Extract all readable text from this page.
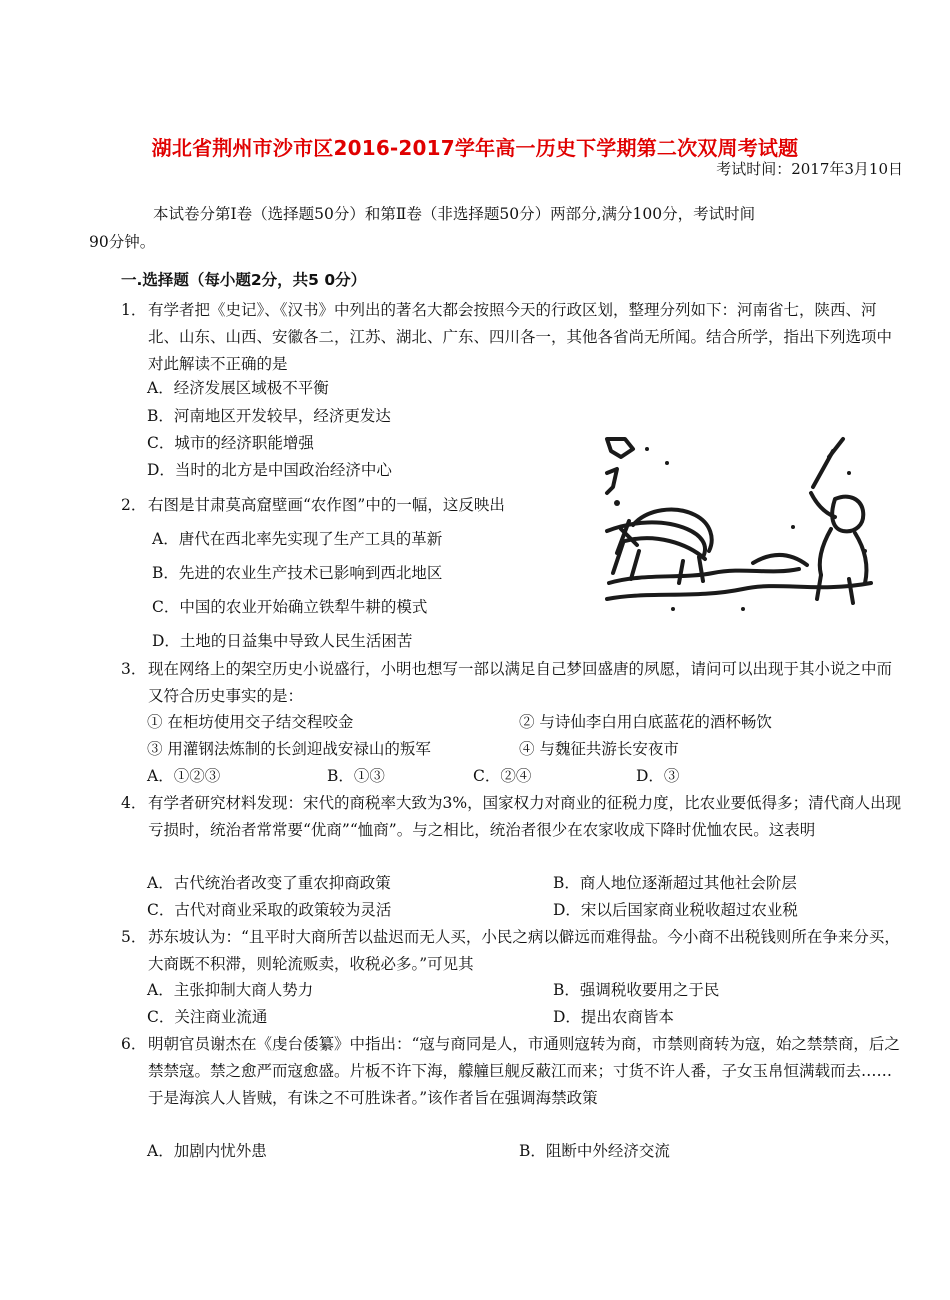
湖北省荆州市沙市区2016-2017学年高一历史下学期第二次双周考试题
考试时间：2017年3月10日
本试卷分第Ⅰ卷（选择题50分）和第Ⅱ卷（非选择题50分）两部分,满分100分，考试时间
90分钟。
一.选择题（每小题2分，共5 0分）
1． 有学者把《史记》、《汉书》中列出的著名大都会按照今天的行政区划，整理分列如下：河南省七，陕西、河北、山东、山西、安徽各二，江苏、湖北、广东、四川各一，其他各省尚无所闻。结合所学，指出下列选项中对此解读不正确的是
A．经济发展区域极不平衡
B．河南地区开发较早，经济更发达
C．城市的经济职能增强
D．当时的北方是中国政治经济中心
2． 右图是甘肃莫高窟壁画“农作图”中的一幅，这反映出
A．唐代在西北率先实现了生产工具的革新
B．先进的农业生产技术已影响到西北地区
C．中国的农业开始确立铁犁牛耕的模式
D．土地的日益集中导致人民生活困苦
3． 现在网络上的架空历史小说盛行，小明也想写一部以满足自己梦回盛唐的夙愿，请问可以出现于其小说之中而又符合历史事实的是：
① 在柜坊使用交子结交程咬金	② 与诗仙李白用白底蓝花的酒杯畅饮
③ 用灌钢法炼制的长剑迎战安禄山的叛军	④ 与魏征共游长安夜市
A．①②③	B．①③	C．②④	D．③
4． 有学者研究材料发现：宋代的商税率大致为3%，国家权力对商业的征税力度，比农业要低得多；清代商人出现亏损时，统治者常常要“优商”“恤商”。与之相比，统治者很少在农家收成下降时优恤农民。这表明
A．古代统治者改变了重农抑商政策	B．商人地位逐渐超过其他社会阶层
C．古代对商业采取的政策较为灵活	D．宋以后国家商业税收超过农业税
5． 苏东坡认为：“且平时大商所苦以盐迟而无人买，小民之病以僻远而难得盐。今小商不出税钱则所在争来分买，大商既不积滞，则轮流贩卖，收税必多。”可见其
A．主张抑制大商人势力	B．强调税收要用之于民
C．关注商业流通	D．提出农商皆本
6． 明朝官员谢杰在《虔台倭纂》中指出：“寇与商同是人，市通则寇转为商，市禁则商转为寇，始之禁禁商，后之禁禁寇。禁之愈严而寇愈盛。片板不许下海，艨艟巨舰反蔽江而来；寸货不许人番，子女玉帛恒满载而去……于是海滨人人皆贼，有诛之不可胜诛者。”该作者旨在强调海禁政策
A．加剧内忧外患	B．阻断中外经济交流
